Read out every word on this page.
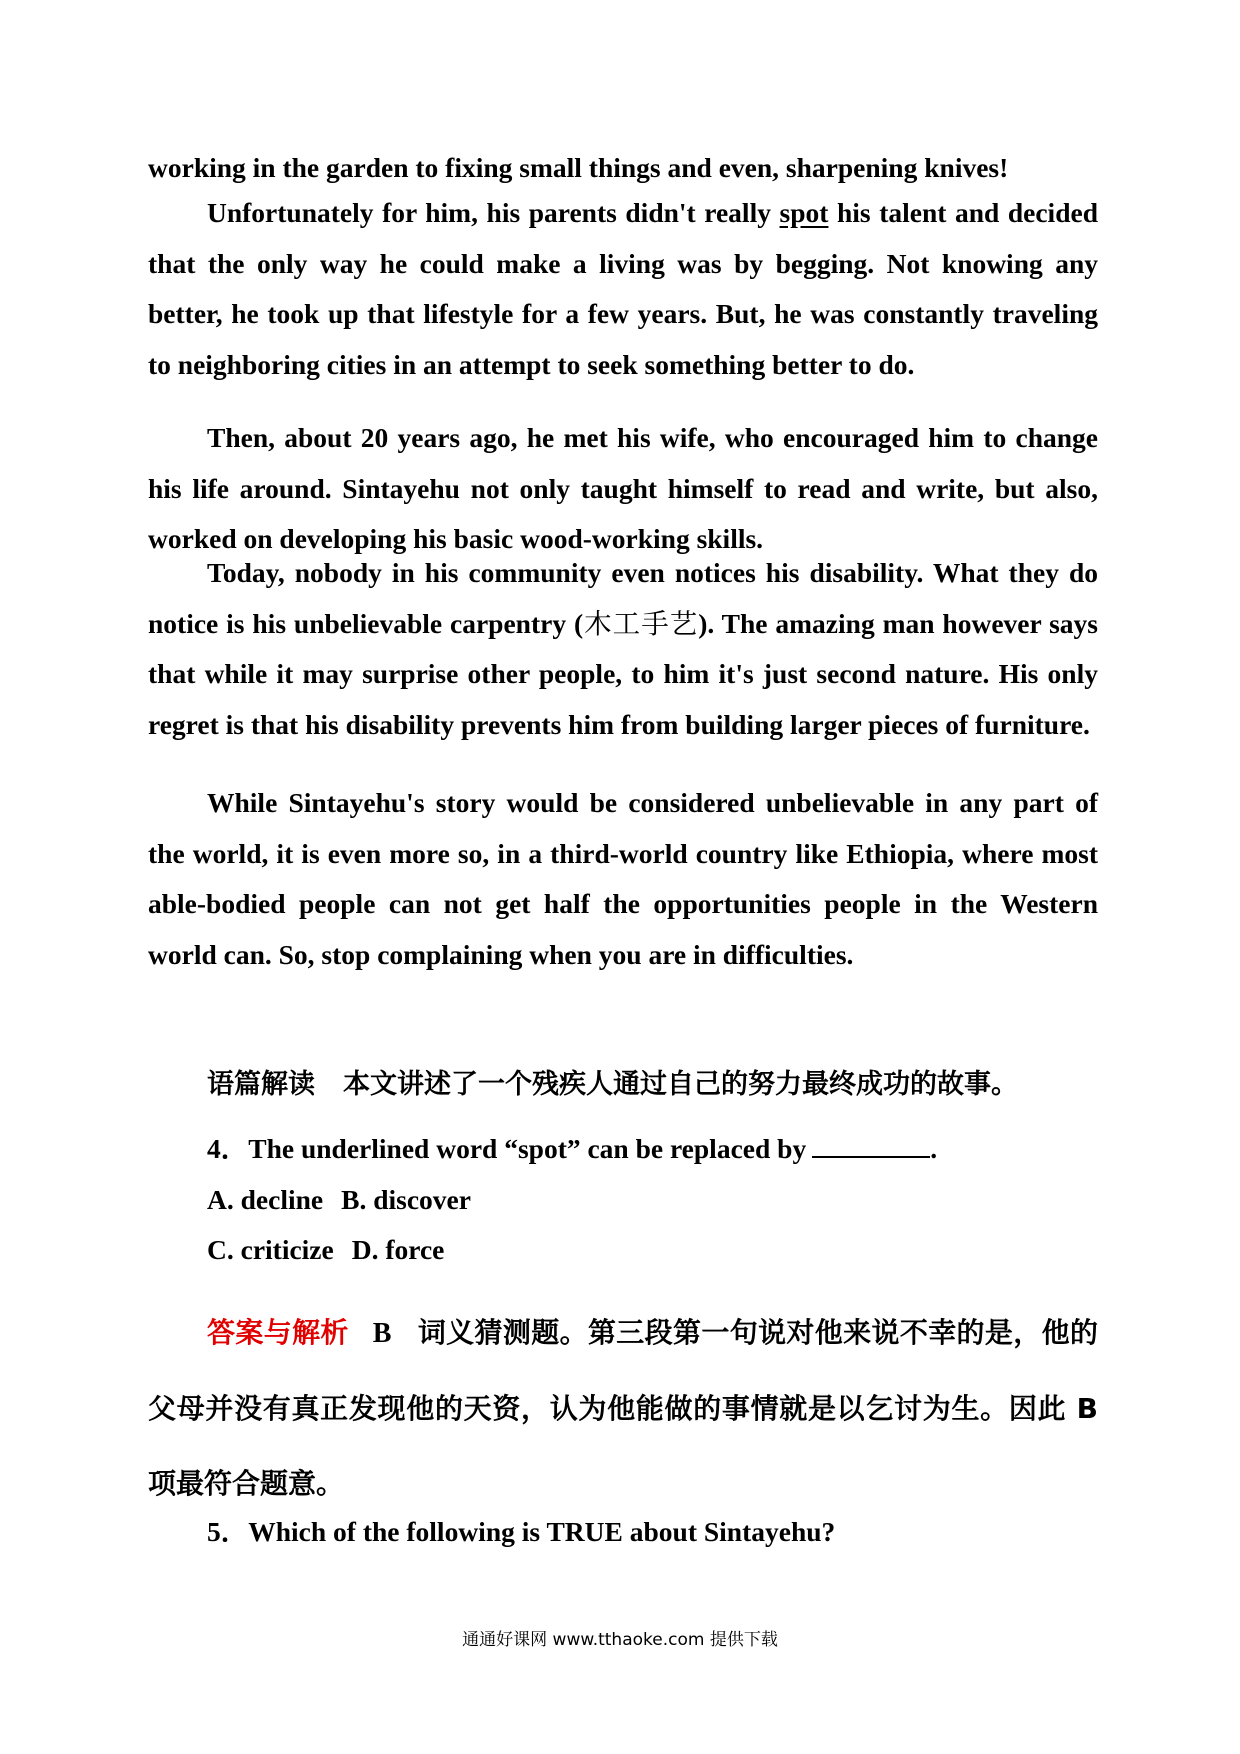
working in the garden to fixing small things and even, sharpening knives!

Unfortunately for him, his parents didn't really spot his talent and decided that the only way he could make a living was by begging. Not knowing any better, he took up that lifestyle for a few years. But, he was constantly traveling to neighboring cities in an attempt to seek something better to do.

Then, about 20 years ago, he met his wife, who encouraged him to change his life around. Sintayehu not only taught himself to read and write, but also, worked on developing his basic wood-working skills.

Today, nobody in his community even notices his disability. What they do notice is his unbelievable carpentry (木工手艺). The amazing man however says that while it may surprise other people, to him it's just second nature. His only regret is that his disability prevents him from building larger pieces of furniture.

While Sintayehu's story would be considered unbelievable in any part of the world, it is even more so, in a third-world country like Ethiopia, where most able-bodied people can not get half the opportunities people in the Western world can. So, stop complaining when you are in difficulties.

语篇解读 本文讲述了一个残疾人通过自己的努力最终成功的故事。
4．The underlined word “spot” can be replaced by	.
A. decline B. discover
C. criticize D. force
答案与解析 B 词义猜测题。第三段第一句说对他来说不幸的是，他的父母并没有真正发现他的天资，认为他能做的事情就是以乞讨为生。因此 B 项最符合题意。
5．Which of the following is TRUE about Sintayehu?
通通好课网 www.tthaoke.com 提供下载
